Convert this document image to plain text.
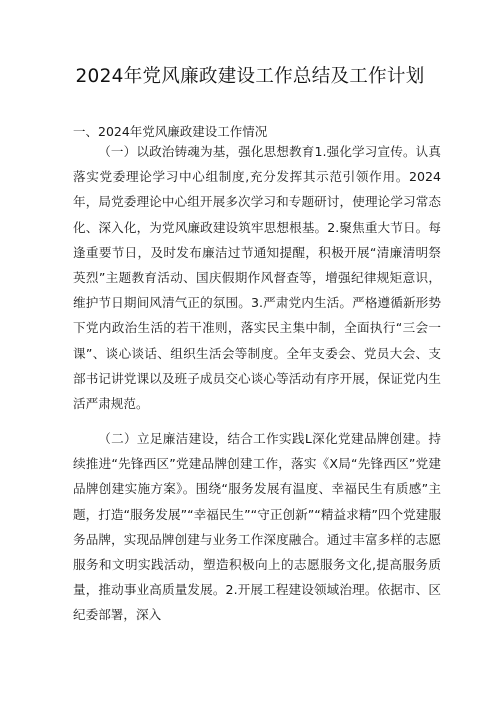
2024年党风廉政建设工作总结及工作计划
一、2024年党风廉政建设工作情况

（一）以政治铸魂为基，强化思想教育1.强化学习宣传。认真落实党委理论学习中心组制度,充分发挥其示范引领作用。2024年，局党委理论中心组开展多次学习和专题研讨，使理论学习常态化、深入化，为党风廉政建设筑牢思想根基。2.聚焦重大节日。每逢重要节日，及时发布廉洁过节通知提醒，积极开展“清廉清明祭英烈”主题教育活动、国庆假期作风督查等，增强纪律规矩意识，维护节日期间风清气正的氛围。3.严肃党内生活。严格遵循新形势下党内政治生活的若干准则，落实民主集中制，全面执行“三会一课”、谈心谈话、组织生活会等制度。全年支委会、党员大会、支部书记讲党课以及班子成员交心谈心等活动有序开展，保证党内生活严肃规范。

（二）立足廉洁建设，结合工作实践L深化党建品牌创建。持续推进“先锋西区”党建品牌创建工作，落实《X局“先锋西区”党建品牌创建实施方案》。围绕“服务发展有温度、幸福民生有质感”主题，打造“服务发展”“幸福民生”“守正创新”“精益求精”四个党建服务品牌，实现品牌创建与业务工作深度融合。通过丰富多样的志愿服务和文明实践活动，塑造积极向上的志愿服务文化,提高服务质量，推动事业高质量发展。2.开展工程建设领域治理。依据市、区纪委部署，深入
